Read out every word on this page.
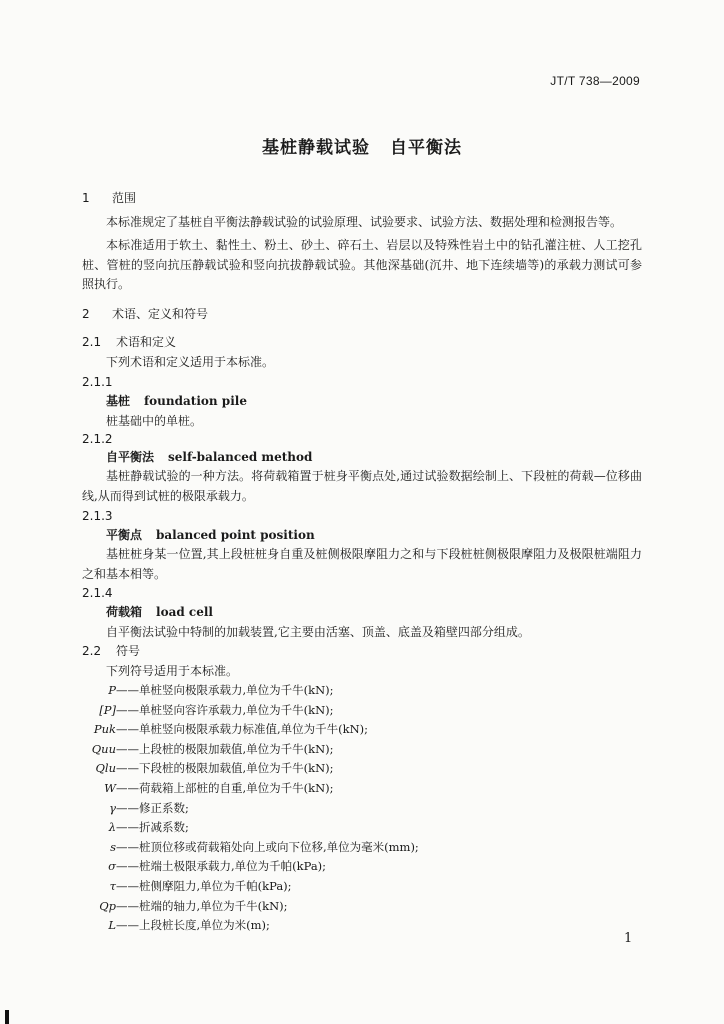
JT/T 738—2009
基桩静载试验 自平衡法
1 范围
本标准规定了基桩自平衡法静载试验的试验原理、试验要求、试验方法、数据处理和检测报告等。
本标准适用于软土、黏性土、粉土、砂土、碎石土、岩层以及特殊性岩土中的钻孔灌注桩、人工挖孔桩、管桩的竖向抗压静载试验和竖向抗拔静载试验。其他深基础(沉井、地下连续墙等)的承载力测试可参照执行。
2 术语、定义和符号
2.1 术语和定义
下列术语和定义适用于本标准。
2.1.1
基桩 foundation pile
桩基础中的单桩。
2.1.2
自平衡法 self-balanced method
基桩静载试验的一种方法。将荷载箱置于桩身平衡点处,通过试验数据绘制上、下段桩的荷载—位移曲线,从而得到试桩的极限承载力。
2.1.3
平衡点 balanced point position
基桩桩身某一位置,其上段桩桩身自重及桩侧极限摩阻力之和与下段桩桩侧极限摩阻力及极限桩端阻力之和基本相等。
2.1.4
荷载箱 load cell
自平衡法试验中特制的加载装置,它主要由活塞、顶盖、底盖及箱壁四部分组成。
2.2 符号
下列符号适用于本标准。
P——单桩竖向极限承载力,单位为千牛(kN);
[P]——单桩竖向容许承载力,单位为千牛(kN);
Puk——单桩竖向极限承载力标准值,单位为千牛(kN);
Quu——上段桩的极限加载值,单位为千牛(kN);
Qlu——下段桩的极限加载值,单位为千牛(kN);
W——荷载箱上部桩的自重,单位为千牛(kN);
γ——修正系数;
λ——折减系数;
s——桩顶位移或荷载箱处向上或向下位移,单位为毫米(mm);
σ——桩端土极限承载力,单位为千帕(kPa);
τ——桩侧摩阻力,单位为千帕(kPa);
Qp——桩端的轴力,单位为千牛(kN);
L——上段桩长度,单位为米(m);
1
